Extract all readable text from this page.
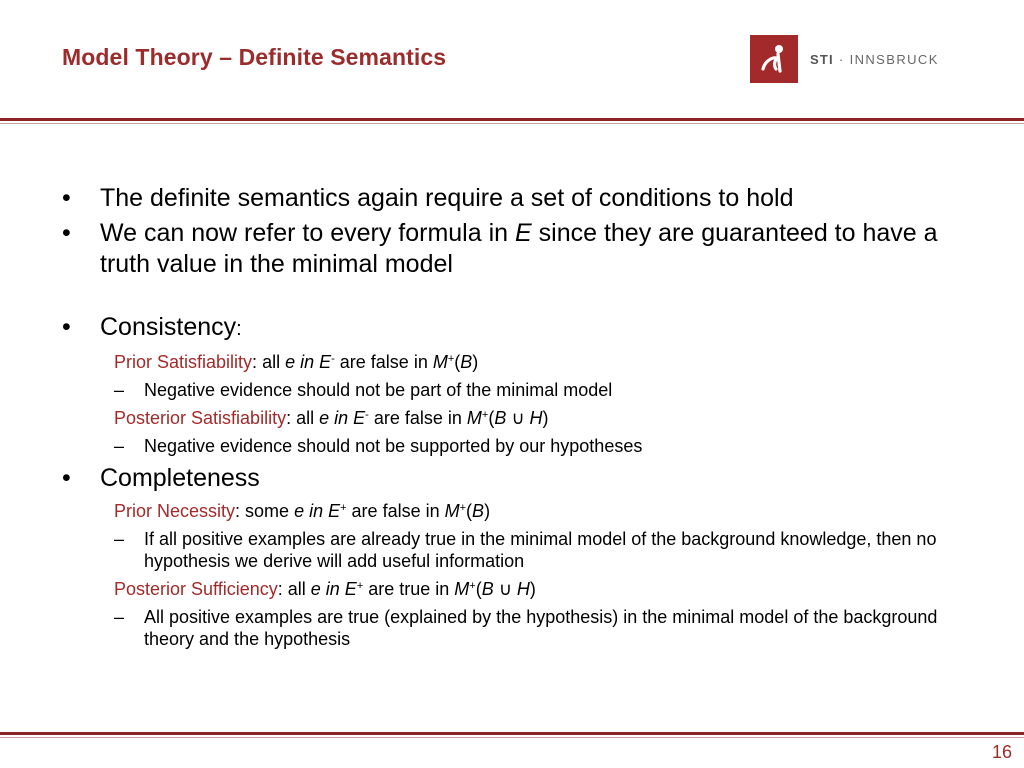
Model Theory – Definite Semantics	STI · INNSBRUCK
• The definite semantics again require a set of conditions to hold
• We can now refer to every formula in E since they are guaranteed to have a truth value in the minimal model
• Consistency:
Prior Satisfiability: all e in E- are false in M+(B)
– Negative evidence should not be part of the minimal model
Posterior Satisfiability: all e in E- are false in M+(B ∪ H)
– Negative evidence should not be supported by our hypotheses
• Completeness
Prior Necessity: some e in E+ are false in M+(B)
– If all positive examples are already true in the minimal model of the background knowledge, then no hypothesis we derive will add useful information
Posterior Sufficiency: all e in E+ are true in M+(B ∪ H)
– All positive examples are true (explained by the hypothesis) in the minimal model of the background theory and the hypothesis
16
